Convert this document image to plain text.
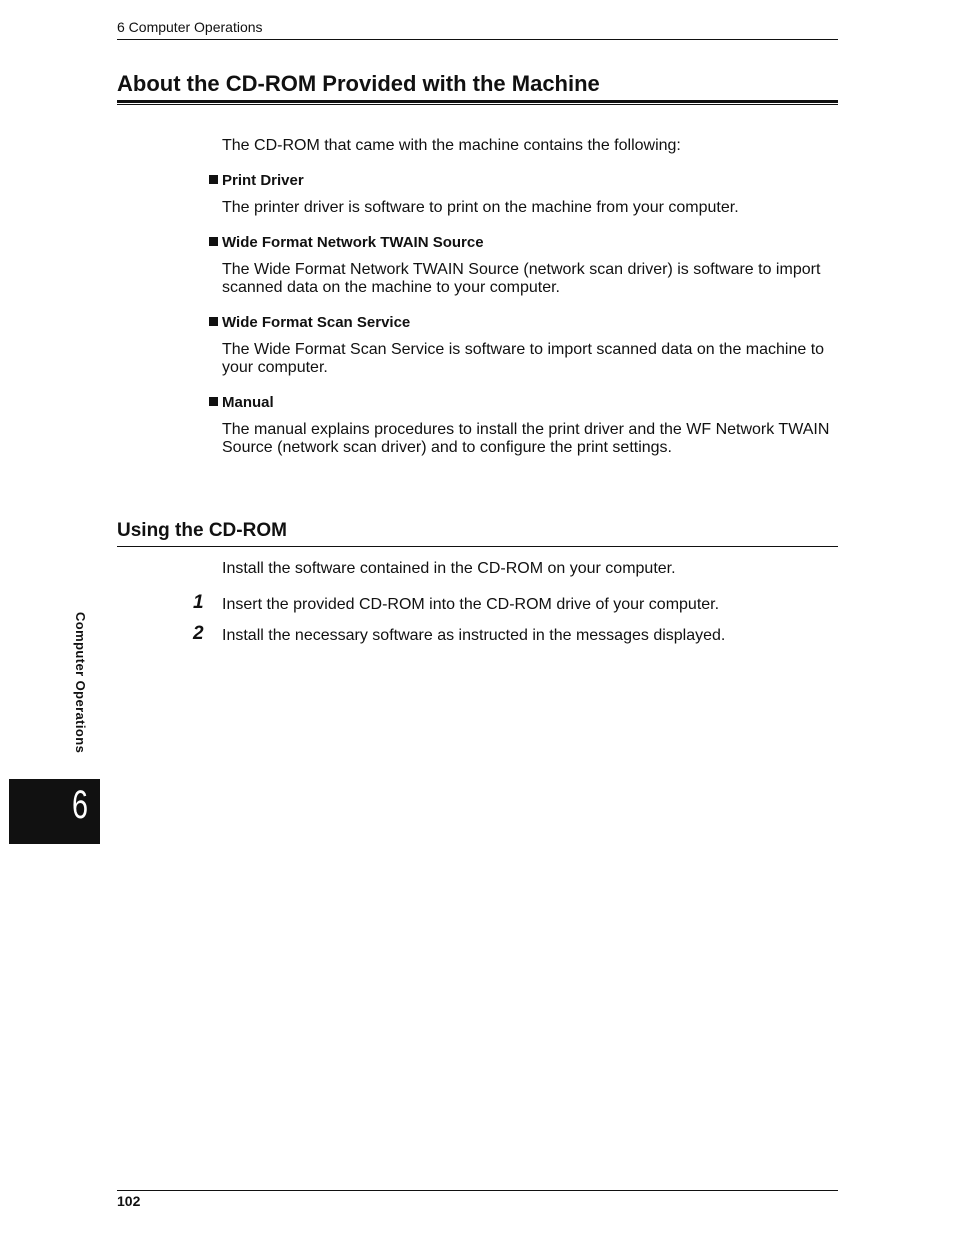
6 Computer Operations
About the CD-ROM Provided with the Machine

The CD-ROM that came with the machine contains the following:

Print Driver

The printer driver is software to print on the machine from your computer.

Wide Format Network TWAIN Source

The Wide Format Network TWAIN Source (network scan driver) is software to import scanned data on the machine to your computer.

Wide Format Scan Service

The Wide Format Scan Service is software to import scanned data on the machine to your computer.

Manual

The manual explains procedures to install the print driver and the WF Network TWAIN Source (network scan driver) and to configure the print settings.

Using the CD-ROM

Install the software contained in the CD-ROM on your computer.

1 Insert the provided CD-ROM into the CD-ROM drive of your computer.

2 Install the necessary software as instructed in the messages displayed.

Computer Operations
6
102
